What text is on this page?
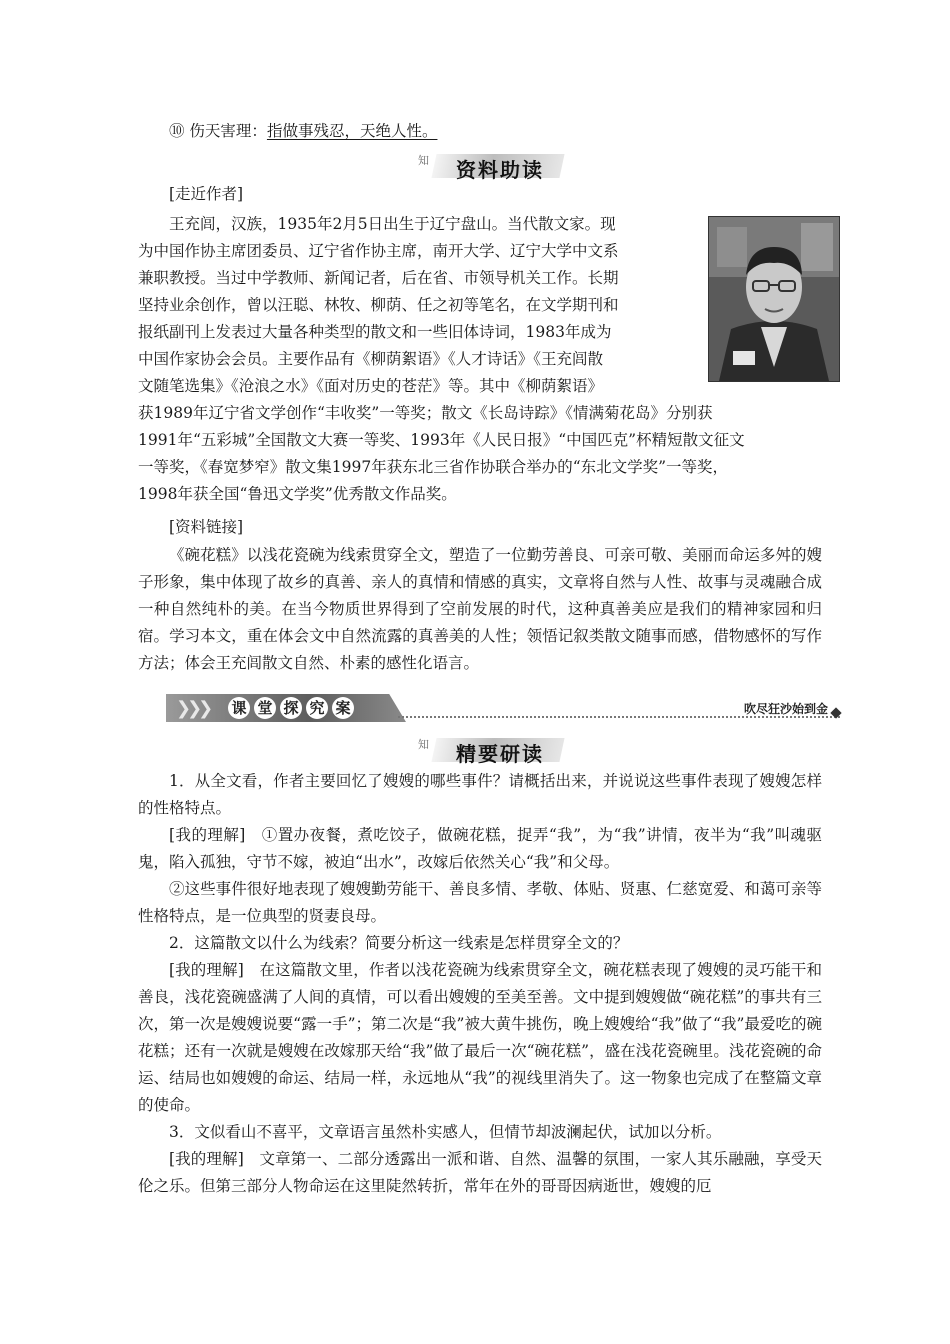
⑩ 伤天害理：指做事残忍，天绝人性。
知 资料助读
[走近作者]

王充闾，汉族，1935年2月5日出生于辽宁盘山。当代散文家。现

为中国作协主席团委员、辽宁省作协主席，南开大学、辽宁大学中文系

兼职教授。当过中学教师、新闻记者，后在省、市领导机关工作。长期

坚持业余创作，曾以汪聪、林牧、柳荫、任之初等笔名，在文学期刊和

报纸副刊上发表过大量各种类型的散文和一些旧体诗词，1983年成为

中国作家协会会员。主要作品有《柳荫絮语》《人才诗话》《王充闾散

文随笔选集》《沧浪之水》《面对历史的苍茫》等。其中《柳荫絮语》

获1989年辽宁省文学创作“丰收奖”一等奖；散文《长岛诗踪》《情满菊花岛》分别获

1991年“五彩城”全国散文大赛一等奖、1993年《人民日报》“中国匹克”杯精短散文征文

一等奖，《春宽梦窄》散文集1997年获东北三省作协联合举办的“东北文学奖”一等奖，

1998年获全国“鲁迅文学奖”优秀散文作品奖。

[资料链接]

《碗花糕》以浅花瓷碗为线索贯穿全文，塑造了一位勤劳善良、可亲可敬、美丽而命运多舛的嫂子形象，集中体现了故乡的真善、亲人的真情和情感的真实，文章将自然与人性、故事与灵魂融合成一种自然纯朴的美。在当今物质世界得到了空前发展的时代，这种真善美应是我们的精神家园和归宿。学习本文，重在体会文中自然流露的真善美的人性；领悟记叙类散文随事而感，借物感怀的写作方法；体会王充闾散文自然、朴素的感性化语言。

❯❯❯ 课 堂 探 究 案	吹尽狂沙始到金
知 精要研读

1．从全文看，作者主要回忆了嫂嫂的哪些事件？请概括出来，并说说这些事件表现了嫂嫂怎样的性格特点。

[我的理解]　①置办夜餐，煮吃饺子，做碗花糕，捉弄“我”，为“我”讲情，夜半为“我”叫魂驱鬼，陷入孤独，守节不嫁，被迫“出水”，改嫁后依然关心“我”和父母。

②这些事件很好地表现了嫂嫂勤劳能干、善良多情、孝敬、体贴、贤惠、仁慈宽爱、和蔼可亲等性格特点，是一位典型的贤妻良母。

2．这篇散文以什么为线索？简要分析这一线索是怎样贯穿全文的？

[我的理解]　在这篇散文里，作者以浅花瓷碗为线索贯穿全文，碗花糕表现了嫂嫂的灵巧能干和善良，浅花瓷碗盛满了人间的真情，可以看出嫂嫂的至美至善。文中提到嫂嫂做“碗花糕”的事共有三次，第一次是嫂嫂说要“露一手”；第二次是“我”被大黄牛挑伤，晚上嫂嫂给“我”做了“我”最爱吃的碗花糕；还有一次就是嫂嫂在改嫁那天给“我”做了最后一次“碗花糕”，盛在浅花瓷碗里。浅花瓷碗的命运、结局也如嫂嫂的命运、结局一样，永远地从“我”的视线里消失了。这一物象也完成了在整篇文章的使命。

3．文似看山不喜平，文章语言虽然朴实感人，但情节却波澜起伏，试加以分析。

[我的理解]　文章第一、二部分透露出一派和谐、自然、温馨的氛围，一家人其乐融融，享受天伦之乐。但第三部分人物命运在这里陡然转折，常年在外的哥哥因病逝世，嫂嫂的厄
